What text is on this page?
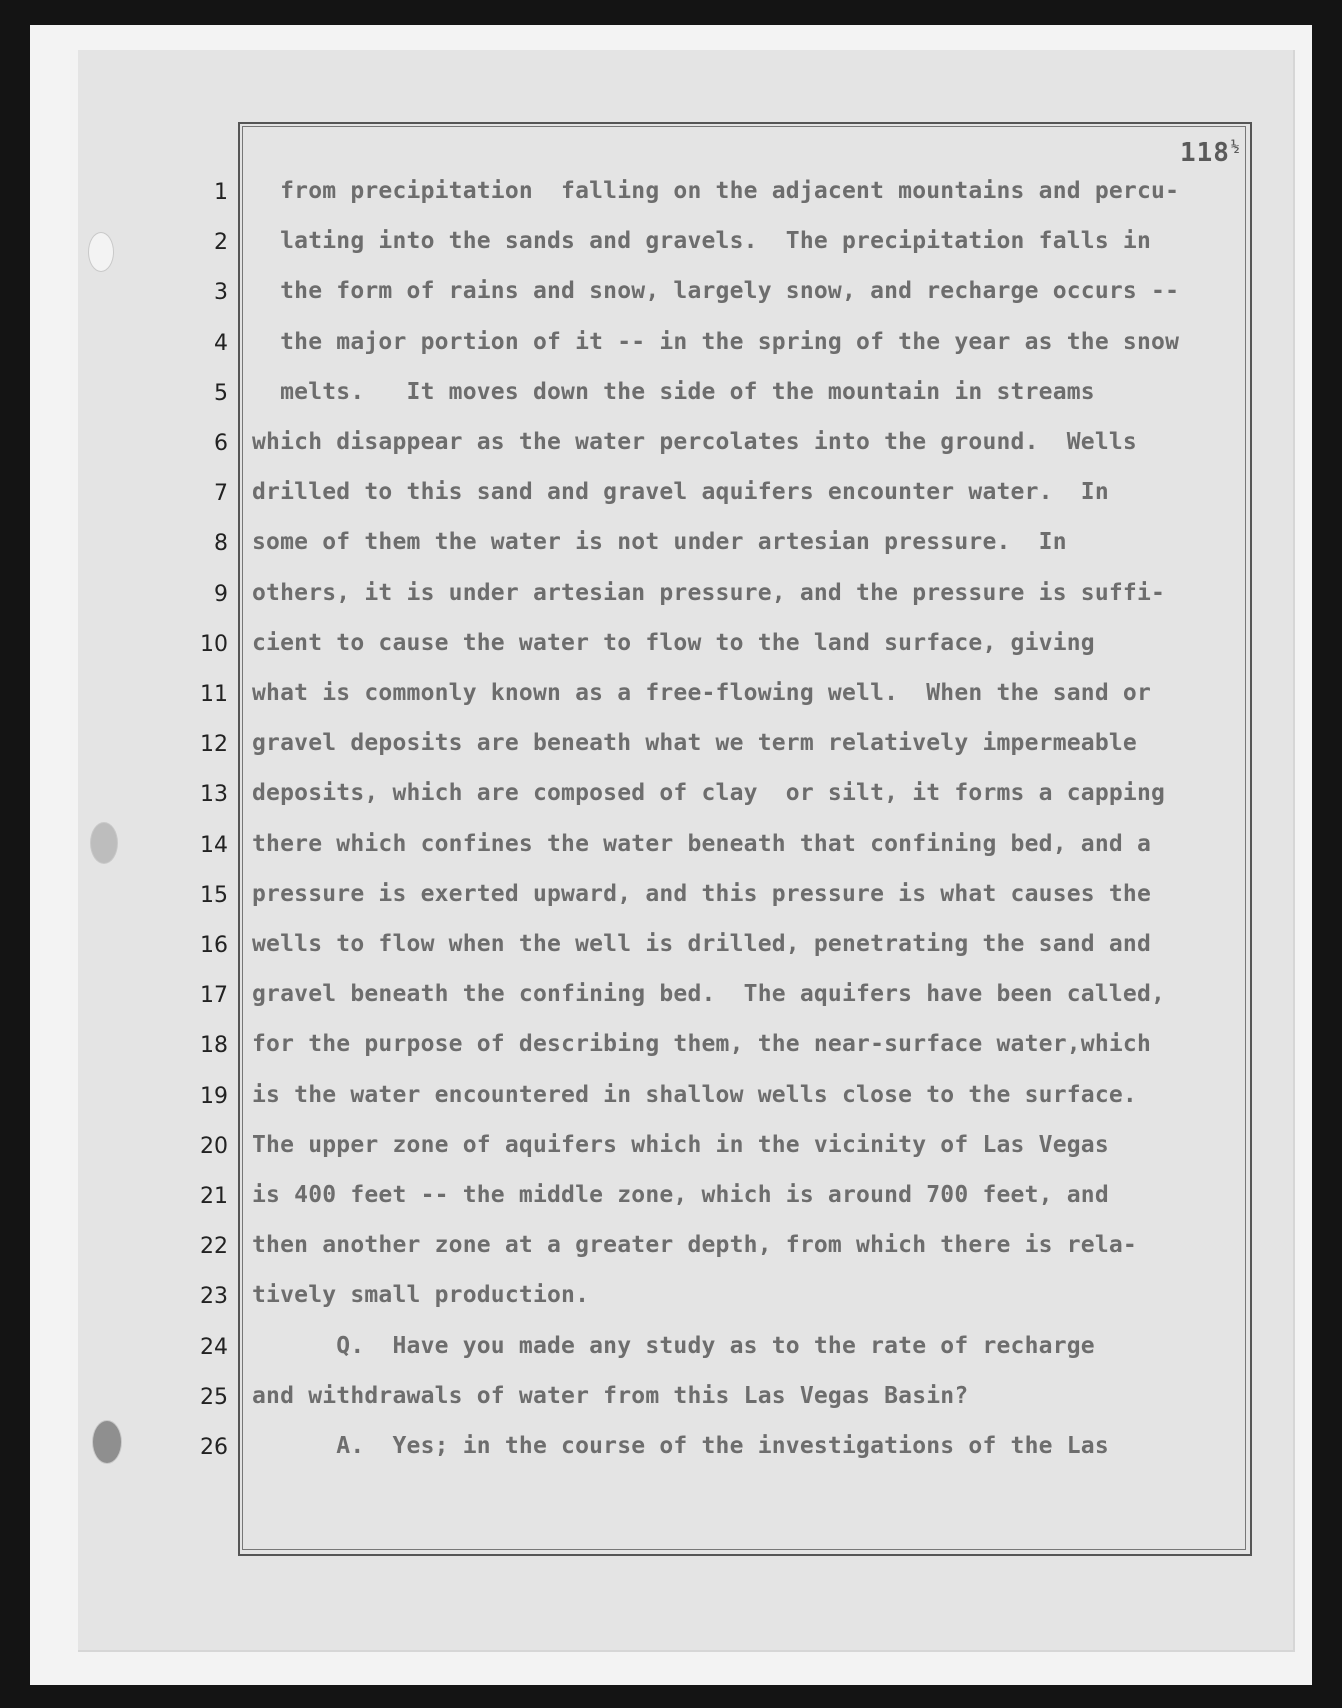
$118^{\frac{1}{2}}$
1 from precipitation  falling on the adjacent mountains and percu-
2 lating into the sands and gravels.  The precipitation falls in
3 the form of rains and snow, largely snow, and recharge occurs --
4 the major portion of it -- in the spring of the year as the snow
5 melts.   It moves down the side of the mountain in streams
6 which disappear as the water percolates into the ground.  Wells
7 drilled to this sand and gravel aquifers encounter water.  In
8 some of them the water is not under artesian pressure.  In
9 others, it is under artesian pressure, and the pressure is suffi-
10 cient to cause the water to flow to the land surface, giving
11 what is commonly known as a free-flowing well.  When the sand or
12 gravel deposits are beneath what we term relatively impermeable
13 deposits, which are composed of clay  or silt, it forms a capping
14 there which confines the water beneath that confining bed, and a
15 pressure is exerted upward, and this pressure is what causes the
16 wells to flow when the well is drilled, penetrating the sand and
17 gravel beneath the confining bed.  The aquifers have been called,
18 for the purpose of describing them, the near-surface water,which
19 is the water encountered in shallow wells close to the surface.
20 The upper zone of aquifers which in the vicinity of Las Vegas
21 is 400 feet -- the middle zone, which is around 700 feet, and
22 then another zone at a greater depth, from which there is rela-
23 tively small production.
24 Q.  Have you made any study as to the rate of recharge
25 and withdrawals of water from this Las Vegas Basin?
26 A.  Yes; in the course of the investigations of the Las
